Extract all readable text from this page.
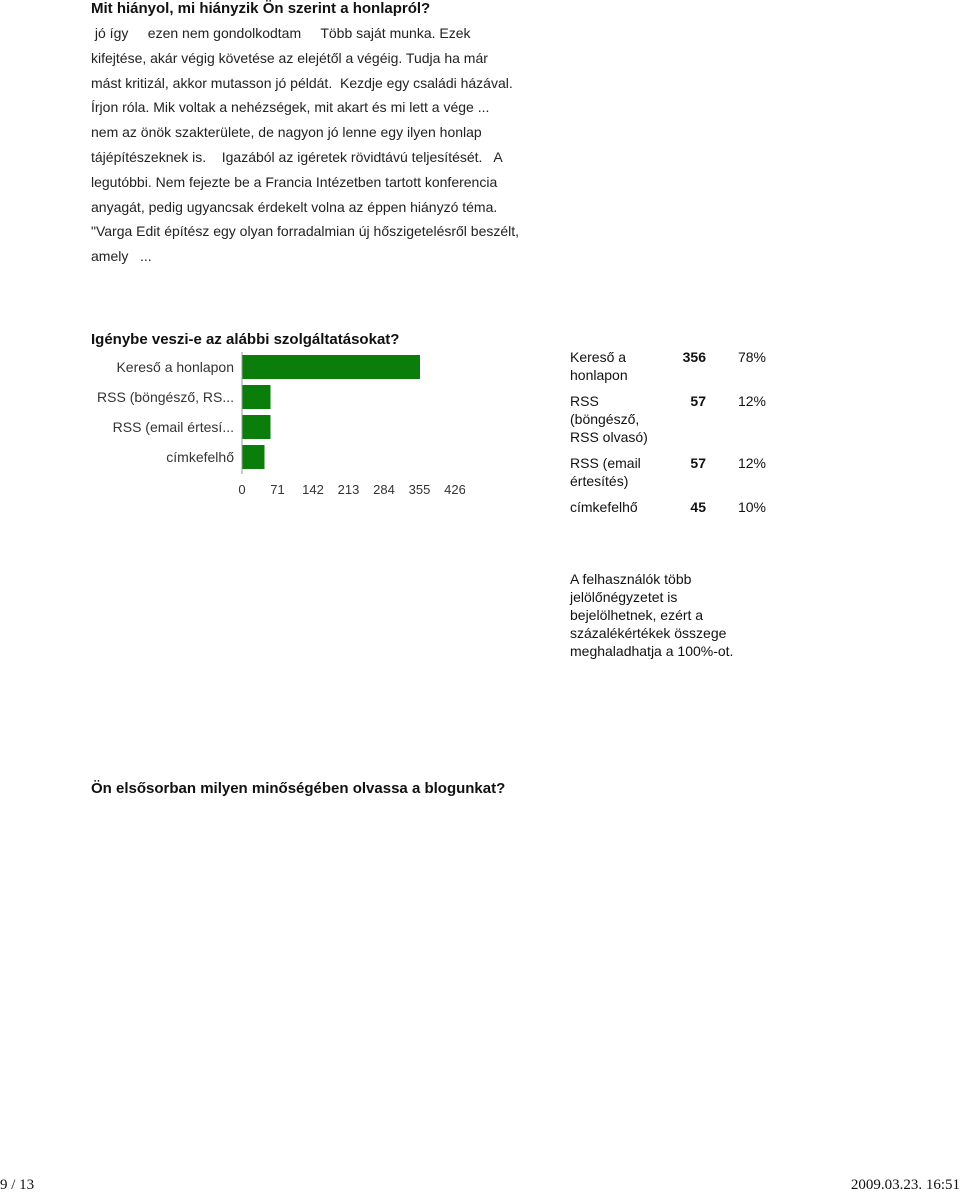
Mit hiányol, mi hiányzik Ön szerint a honlapról?
jó így     ezen nem gondolkodtam     Több saját munka. Ezek kifejtése, akár végig követése az elejétől a végéig. Tudja ha már mást kritizál, akkor mutasson jó példát.  Kezdje egy családi házával. Írjon róla. Mik voltak a nehézségek, mit akart és mi lett a vége ...     nem az önök szakterülete, de nagyon jó lenne egy ilyen honlap tájépítészeknek is.    Igazából az igéretek rövidtávú teljesítését.   A legutóbbi. Nem fejezte be a Francia Intézetben tartott konferencia anyagát, pedig ugyancsak érdekelt volna az éppen hiányzó téma.  "Varga Edit építész egy olyan forradalmian új hőszigetelésről beszélt, amely   ...
Igénybe veszi-e az alábbi szolgáltatásokat?
Kereső a honlapon
RSS (böngésző, RS...
RSS (email értesí...
címkefelhő
0 71 142 213 284 355 426
Kereső a honlapon	356	78%
RSS (böngésző, RSS olvasó)	57	12%
RSS (email értesítés)	57	12%
címkefelhő	45	10%
A felhasználók több jelölőnégyzetet is bejelölhetnek, ezért a százalékértékek összege meghaladhatja a 100%-ot.
Ön elsősorban milyen minőségében olvassa a blogunkat?
9 / 13	2009.03.23. 16:51
